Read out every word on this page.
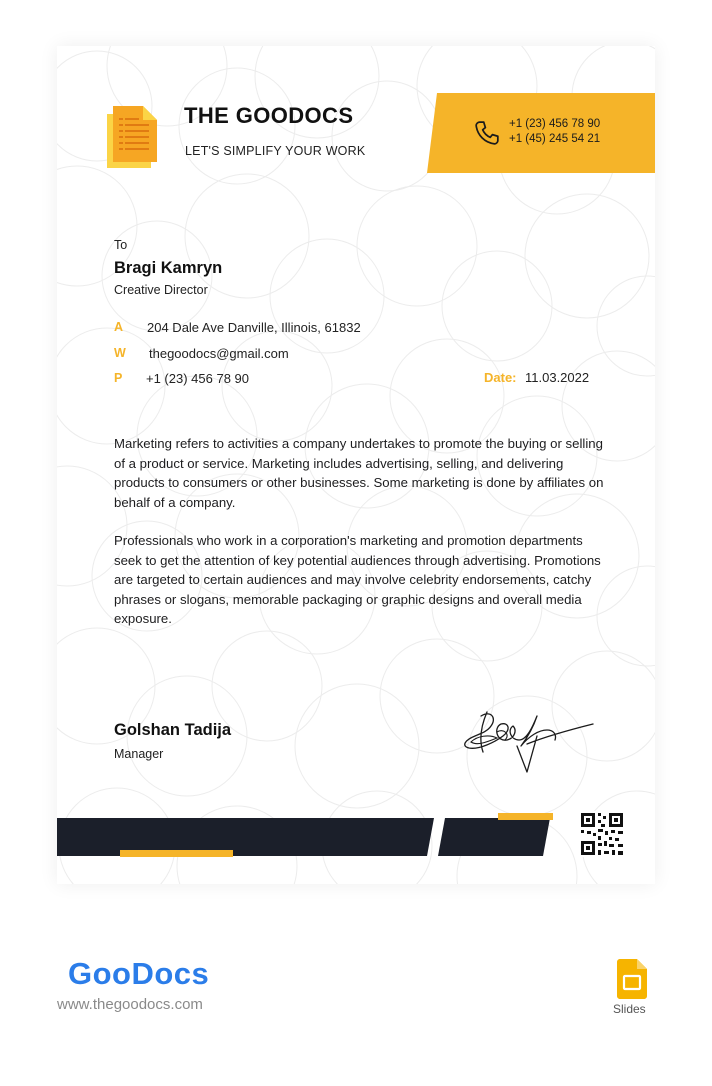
THE GOODOCS
LET'S SIMPLIFY YOUR WORK
+1 (23) 456 78 90
+1 (45) 245 54 21
To
Bragi Kamryn
Creative Director
A 204 Dale Ave Danville, Illinois, 61832
W thegoodocs@gmail.com
P +1 (23) 456 78 90	Date: 11.03.2022

Marketing refers to activities a company undertakes to promote the buying or selling of a product or service. Marketing includes advertising, selling, and delivering products to consumers or other businesses. Some marketing is done by affiliates on behalf of a company.

Professionals who work in a corporation's marketing and promotion departments seek to get the attention of key potential audiences through advertising. Promotions are targeted to certain audiences and may involve celebrity endorsements, catchy phrases or slogans, memorable packaging or graphic designs and overall media exposure.

Golshan Tadija
Manager
GooDocs
www.thegoodocs.com	Slides
